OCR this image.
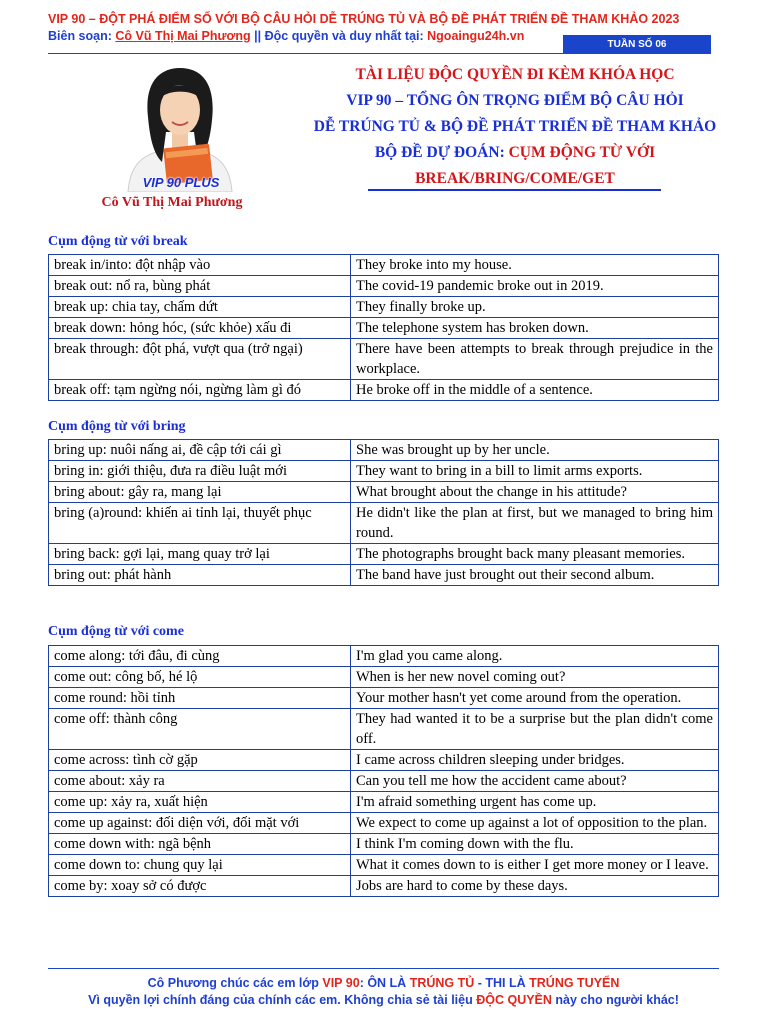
VIP 90 – ĐỘT PHÁ ĐIỂM SỐ VỚI BỘ CÂU HỎI DỄ TRÚNG TỦ VÀ BỘ ĐỀ PHÁT TRIỂN ĐỀ THAM KHẢO 2023
Biên soạn: Cô Vũ Thị Mai Phương || Độc quyền và duy nhất tại: Ngoaingu24h.vn
TUẦN SỐ 06
VIP 90 PLUS
Cô Vũ Thị Mai Phương
TÀI LIỆU ĐỘC QUYỀN ĐI KÈM KHÓA HỌC
VIP 90 – TỔNG ÔN TRỌNG ĐIỂM BỘ CÂU HỎI
DỄ TRÚNG TỦ & BỘ ĐỀ PHÁT TRIỂN ĐỀ THAM KHẢO
BỘ ĐỀ DỰ ĐOÁN: CỤM ĐỘNG TỪ VỚI
BREAK/BRING/COME/GET
Cụm động từ với break
break in/into: đột nhập vào	They broke into my house.
break out: nổ ra, bùng phát	The covid-19 pandemic broke out in 2019.
break up: chia tay, chấm dứt	They finally broke up.
break down: hỏng hóc, (sức khỏe) xấu đi	The telephone system has broken down.
break through: đột phá, vượt qua (trở ngại)	There have been attempts to break through prejudice in the workplace.
break off: tạm ngừng nói, ngừng làm gì đó	He broke off in the middle of a sentence.
Cụm động từ với bring
bring up: nuôi nấng ai, đề cập tới cái gì	She was brought up by her uncle.
bring in: giới thiệu, đưa ra điều luật mới	They want to bring in a bill to limit arms exports.
bring about: gây ra, mang lại	What brought about the change in his attitude?
bring (a)round: khiến ai tỉnh lại, thuyết phục	He didn't like the plan at first, but we managed to bring him round.
bring back: gợi lại, mang quay trở lại	The photographs brought back many pleasant memories.
bring out: phát hành	The band have just brought out their second album.
Cụm động từ với come
come along: tới đâu, đi cùng	I'm glad you came along.
come out: công bố, hé lộ	When is her new novel coming out?
come round: hồi tỉnh	Your mother hasn't yet come around from the operation.
come off: thành công	They had wanted it to be a surprise but the plan didn't come off.
come across: tình cờ gặp	I came across children sleeping under bridges.
come about: xảy ra	Can you tell me how the accident came about?
come up: xảy ra, xuất hiện	I'm afraid something urgent has come up.
come up against: đối diện với, đối mặt với	We expect to come up against a lot of opposition to the plan.
come down with: ngã bệnh	I think I'm coming down with the flu.
come down to: chung quy lại	What it comes down to is either I get more money or I leave.
come by: xoay sở có được	Jobs are hard to come by these days.
Cô Phương chúc các em lớp VIP 90: ÔN LÀ TRÚNG TỦ - THI LÀ TRÚNG TUYỂN
Vì quyền lợi chính đáng của chính các em. Không chia sẻ tài liệu ĐỘC QUYỀN này cho người khác!
